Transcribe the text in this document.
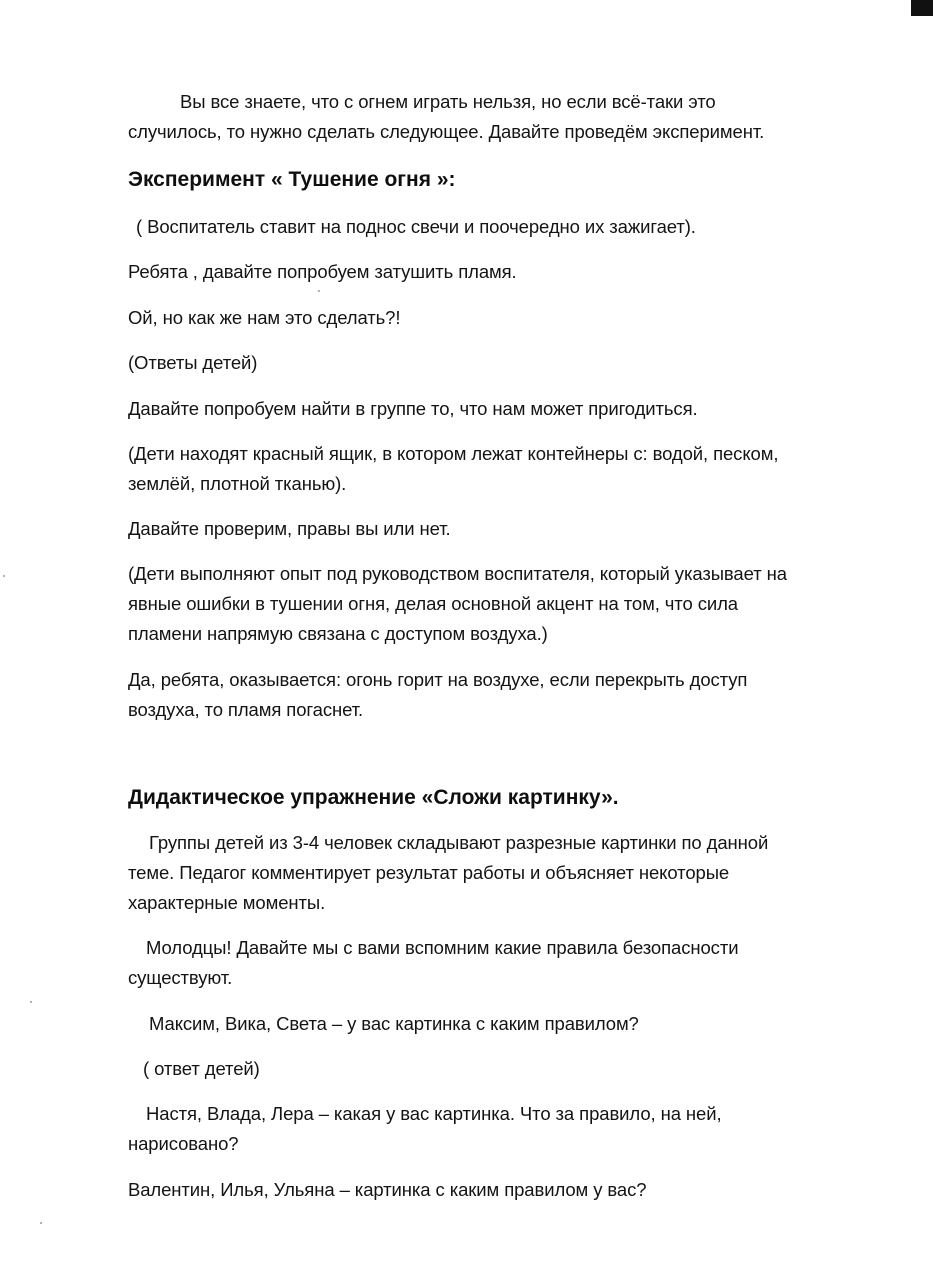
Вы все знаете, что с огнем играть нельзя, но если всё-таки это
случилось, то нужно сделать следующее. Давайте проведём эксперимент.
Эксперимент « Тушение огня »:
( Воспитатель ставит на поднос свечи и поочередно их зажигает).
Ребята , давайте попробуем затушить пламя.
Ой, но как же нам это сделать?!
(Ответы детей)
Давайте попробуем найти в группе то, что нам может пригодиться.
(Дети находят красный ящик, в котором лежат контейнеры с: водой, песком,
землёй, плотной тканью).
Давайте проверим, правы вы или нет.
(Дети выполняют опыт под руководством воспитателя, который указывает на
явные ошибки в тушении огня, делая основной акцент на том, что сила
пламени напрямую связана с доступом воздуха.)
Да, ребята, оказывается: огонь горит на воздухе, если перекрыть доступ
воздуха, то пламя погаснет.
Дидактическое упражнение «Сложи картинку».
Группы детей из 3-4 человек складывают разрезные картинки по данной
теме. Педагог комментирует результат работы и объясняет некоторые
характерные моменты.
Молодцы! Давайте мы с вами вспомним какие правила безопасности
существуют.
Максим, Вика, Света – у вас картинка с каким правилом?
( ответ детей)
Настя, Влада, Лера – какая у вас картинка. Что за правило, на ней,
нарисовано?
Валентин, Илья, Ульяна – картинка с каким правилом у вас?
